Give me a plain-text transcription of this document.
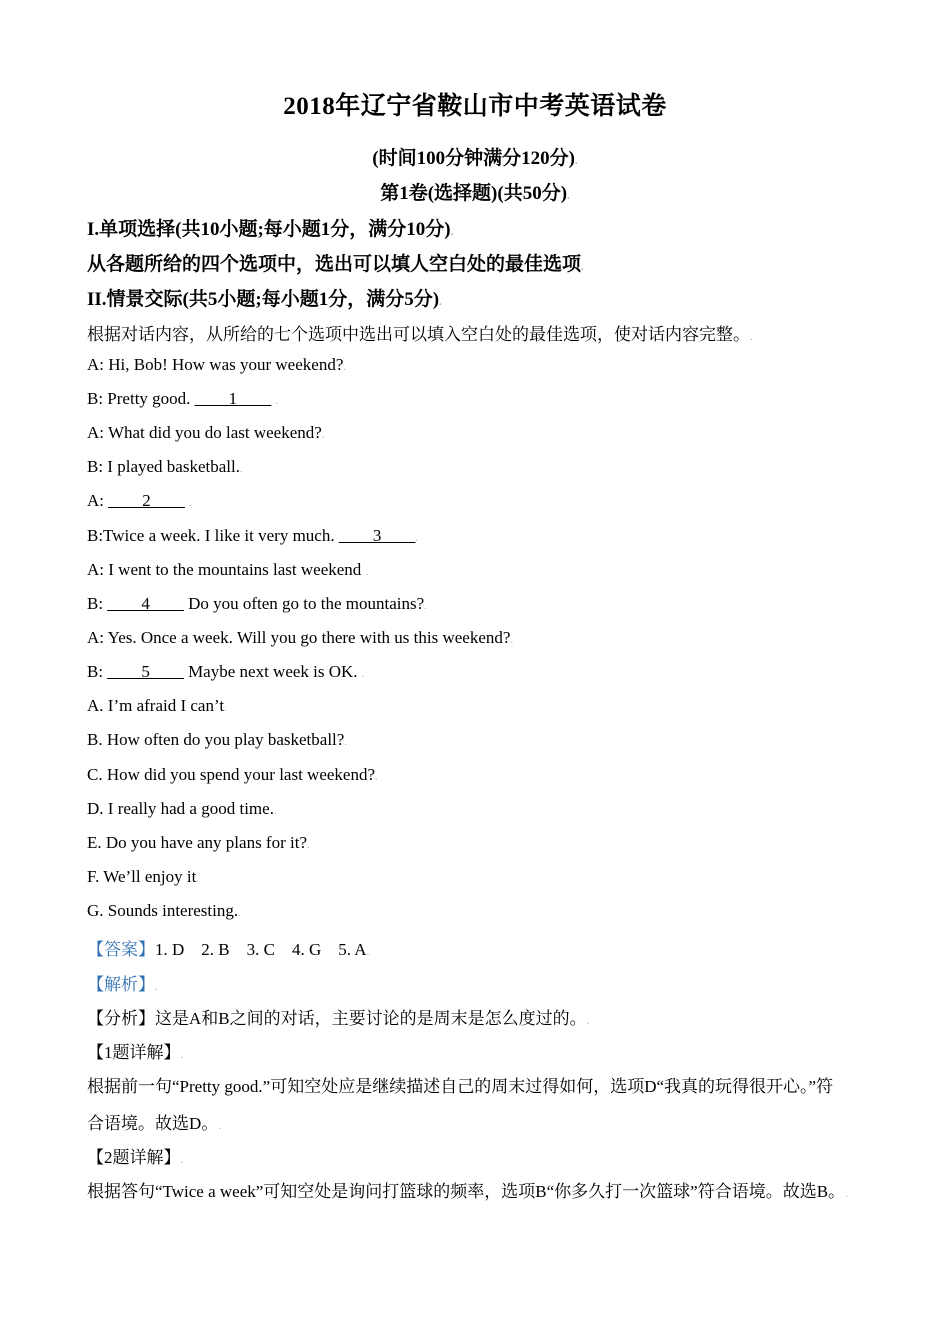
2018年辽宁省鞍山市中考英语试卷
(时间100分钟满分120分).
第1卷(选择题)(共50分).
I.单项选择(共10小题;每小题1分，满分10分).
从各题所给的四个选项中，选出可以填人空白处的最佳选项.
II.情景交际(共5小题;每小题1分，满分5分).
根据对话内容，从所给的七个选项中选出可以填入空白处的最佳选项，使对话内容完整。.
A: Hi, Bob! How was your weekend?.
B: Pretty good. ____1____ .
A: What did you do last weekend?.
B: I played basketball..
A: ____2____ .
B:Twice a week. I like it very much. ____3____.
A: I went to the mountains last weekend .
B: ____4____ Do you often go to the mountains?.
A: Yes. Once a week. Will you go there with us this weekend?.
B: ____5____ Maybe next week is OK. .
A. I’m afraid I can’t.
B. How often do you play basketball?.
C. How did you spend your last weekend?.
D. I really had a good time..
E. Do you have any plans for it?.
F. We’ll enjoy it.
G. Sounds interesting..
【答案】1. D    2. B    3. C    4. G    5. A.
【解析】.
【分析】这是A和B之间的对话，主要讨论的是周末是怎么度过的。.
【1题详解】.
根据前一句“Pretty good.”可知空处应是继续描述自己的周末过得如何，选项D“我真的玩得很开心。”符
合语境。故选D。.
【2题详解】.
根据答句“Twice a week”可知空处是询问打篮球的频率，选项B“你多久打一次篮球”符合语境。故选B。.
